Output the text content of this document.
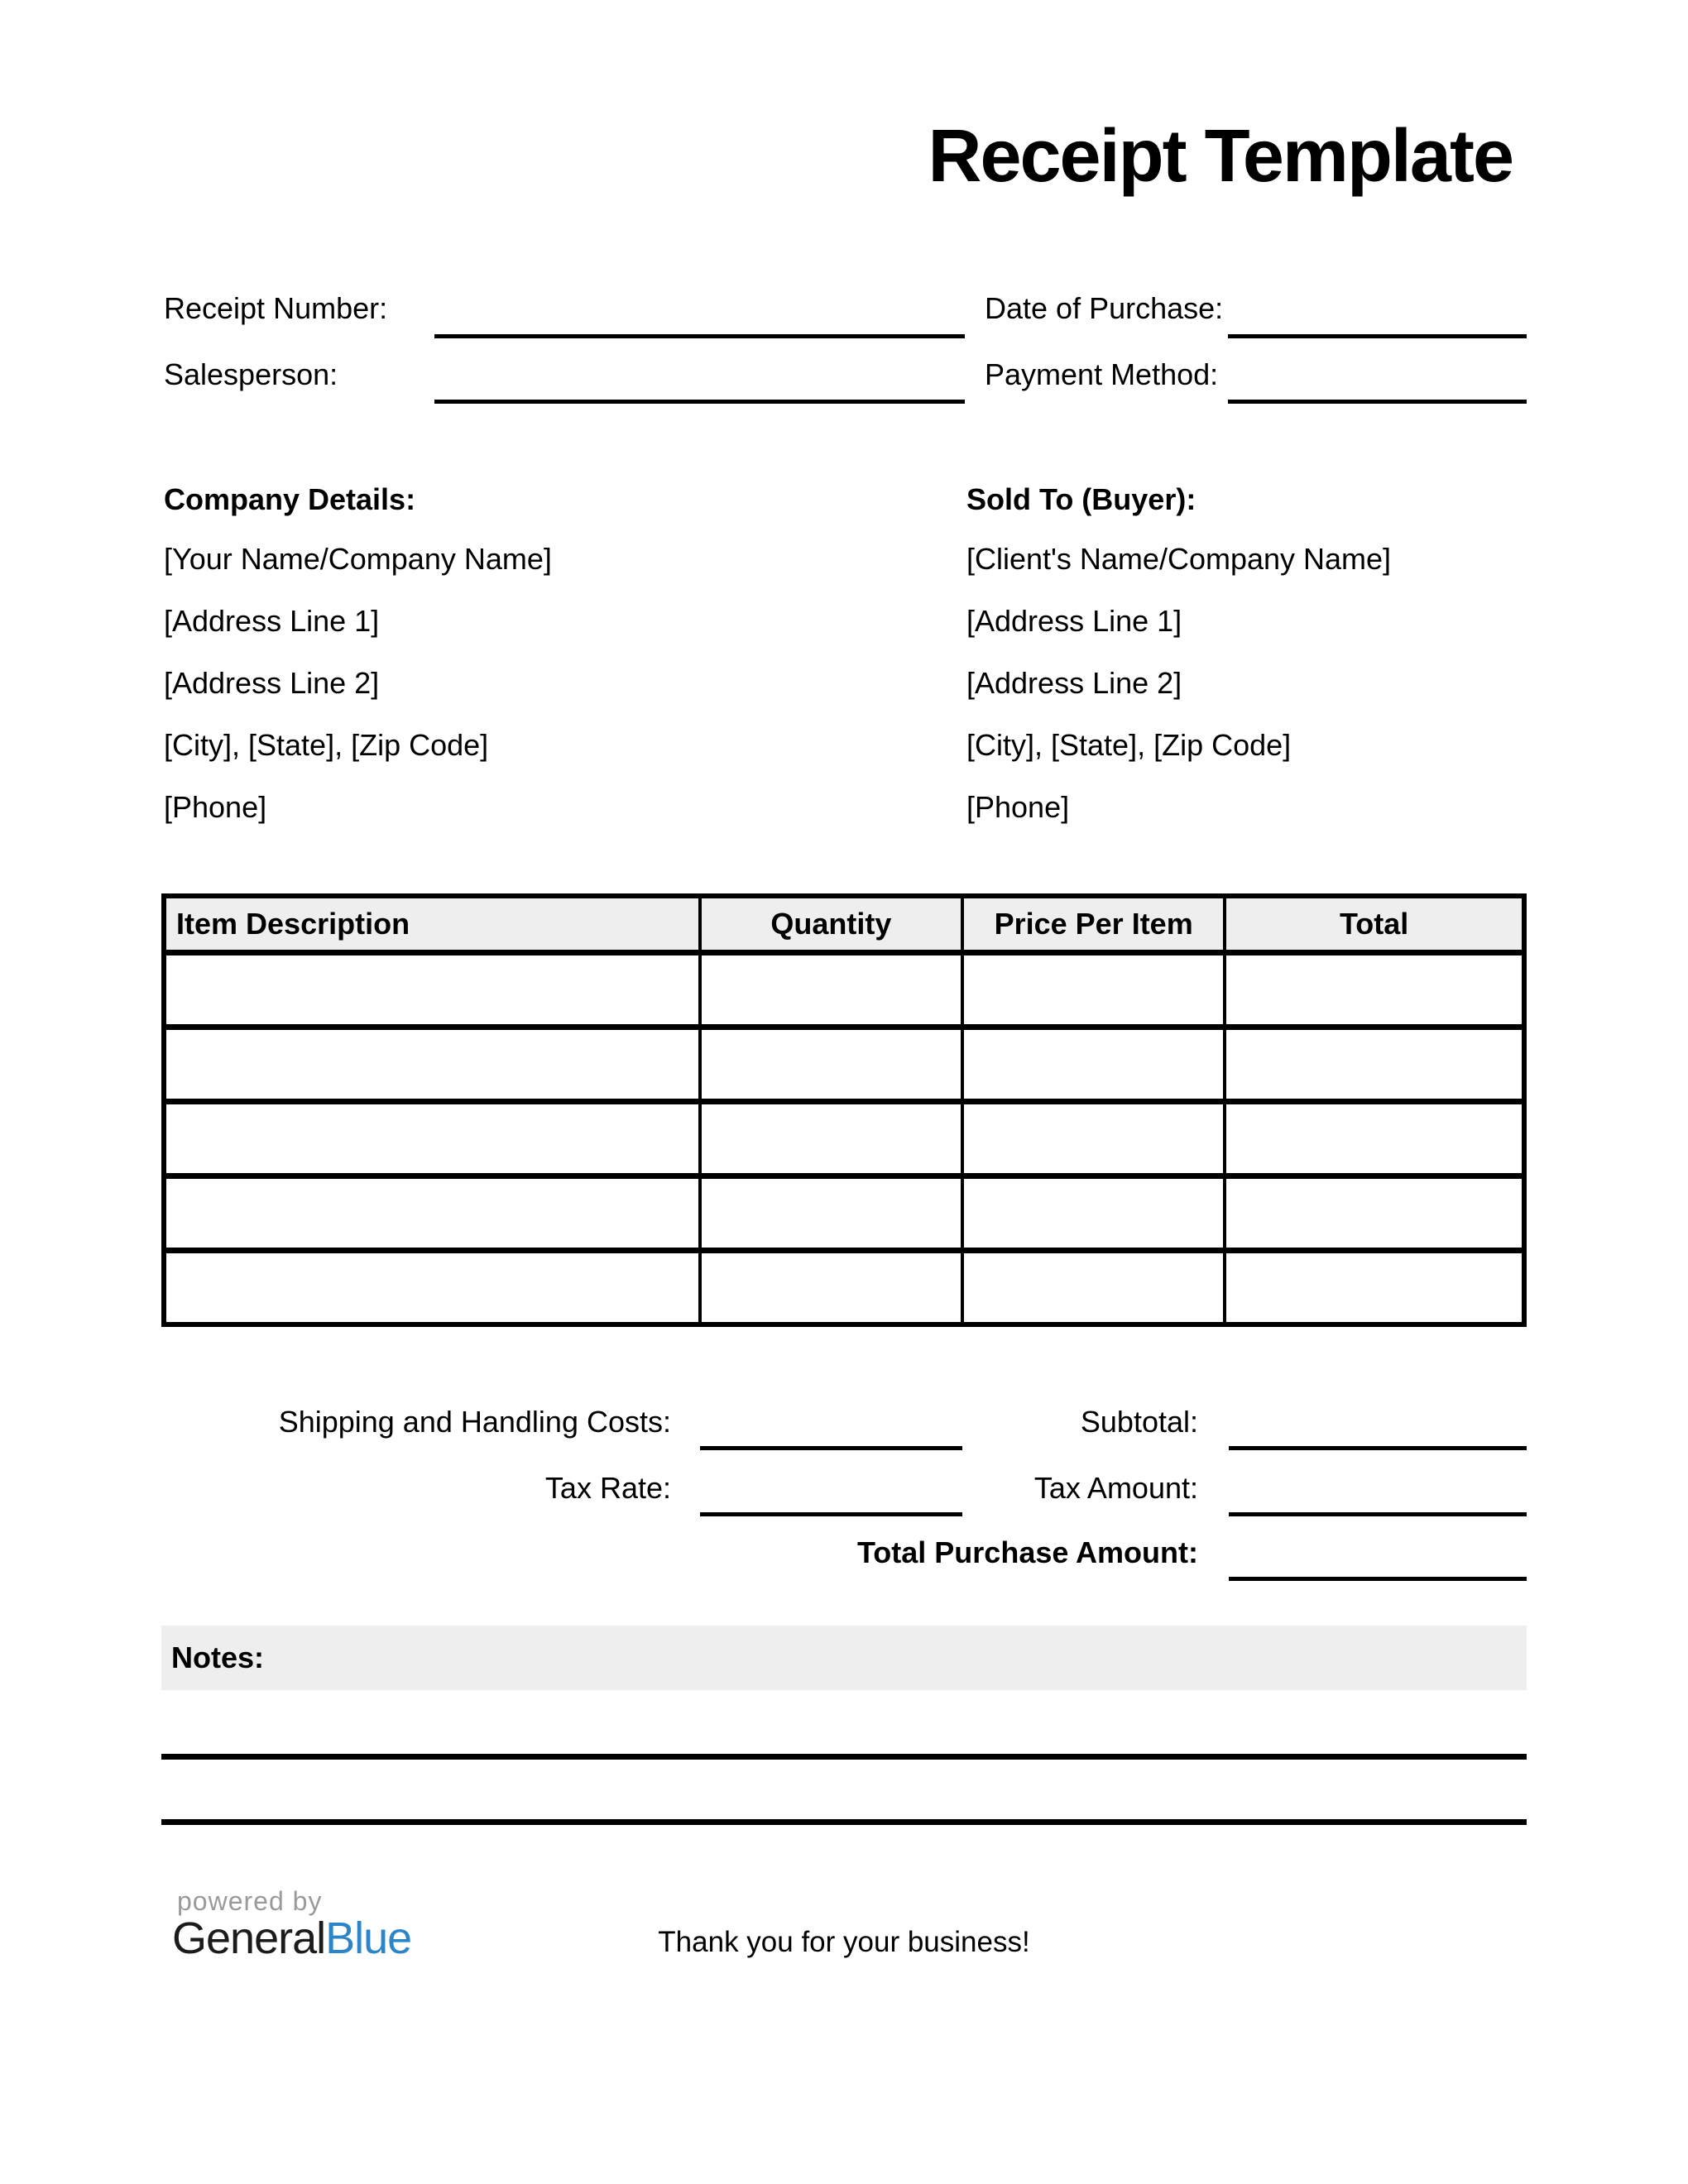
Receipt Template
Receipt Number:	Date of Purchase:
Salesperson:	Payment Method:
Company Details:
[Your Name/Company Name]
[Address Line 1]
[Address Line 2]
[City], [State], [Zip Code]
[Phone]
Sold To (Buyer):
[Client's Name/Company Name]
[Address Line 1]
[Address Line 2]
[City], [State], [Zip Code]
[Phone]
Item Description	Quantity	Price Per Item	Total

Shipping and Handling Costs:	Subtotal:
Tax Rate:	Tax Amount:
Total Purchase Amount:
Notes:
powered by
GeneralBlue	Thank you for your business!
